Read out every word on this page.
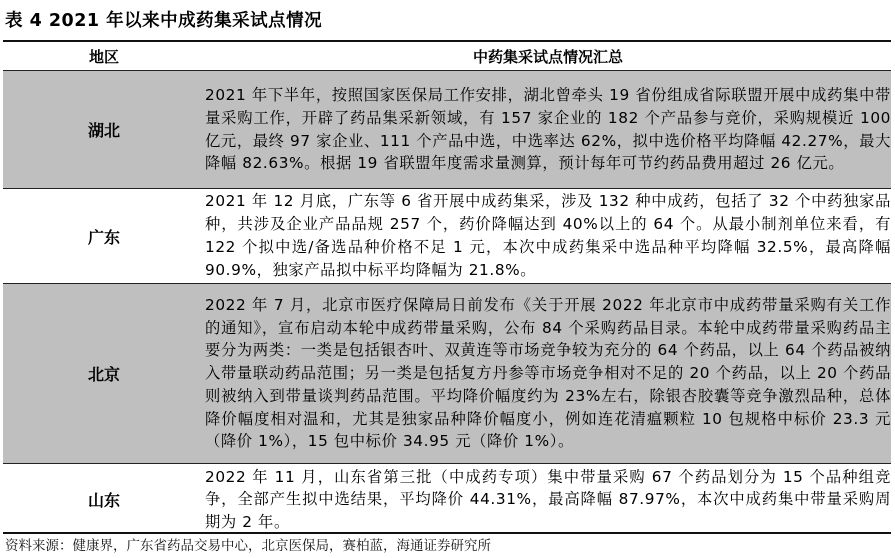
表 4 2021 年以来中成药集采试点情况
地区	中药集采试点情况汇总
湖北	2021 年下半年，按照国家医保局工作安排，湖北曾牵头 19 省份组成省际联盟开展中成药集中带量采购工作，开辟了药品集采新领域，有 157 家企业的 182 个产品参与竞价，采购规模近 100 亿元，最终 97 家企业、111 个产品中选，中选率达 62%，拟中选价格平均降幅 42.27%，最大降幅 82.63%。根据 19 省联盟年度需求量测算，预计每年可节约药品费用超过 26 亿元。
广东	2021 年 12 月底，广东等 6 省开展中成药集采，涉及 132 种中成药，包括了 32 个中药独家品种，共涉及企业产品品规 257 个，药价降幅达到 40%以上的 64 个。从最小制剂单位来看，有 122 个拟中选/备选品种价格不足 1 元，本次中成药集采中选品种平均降幅 32.5%，最高降幅 90.9%，独家产品拟中标平均降幅为 21.8%。
北京	2022 年 7 月，北京市医疗保障局日前发布《关于开展 2022 年北京市中成药带量采购有关工作的通知》，宣布启动本轮中成药带量采购，公布 84 个采购药品目录。本轮中成药带量采购药品主要分为两类：一类是包括银杏叶、双黄连等市场竞争较为充分的 64 个药品，以上 64 个药品被纳入带量联动药品范围；另一类是包括复方丹参等市场竞争相对不足的 20 个药品，以上 20 个药品则被纳入到带量谈判药品范围。平均降价幅度约为 23%左右，除银杏胶囊等竞争激烈品种，总体降价幅度相对温和，尤其是独家品种降价幅度小，例如连花清瘟颗粒 10 包规格中标价 23.3 元（降价 1%），15 包中标价 34.95 元（降价 1%）。
山东	2022 年 11 月，山东省第三批（中成药专项）集中带量采购 67 个药品划分为 15 个品种组竞争，全部产生拟中选结果，平均降价 44.31%，最高降幅 87.97%，本次中成药集中带量采购周期为 2 年。
资料来源：健康界，广东省药品交易中心，北京医保局，赛柏蓝，海通证券研究所
